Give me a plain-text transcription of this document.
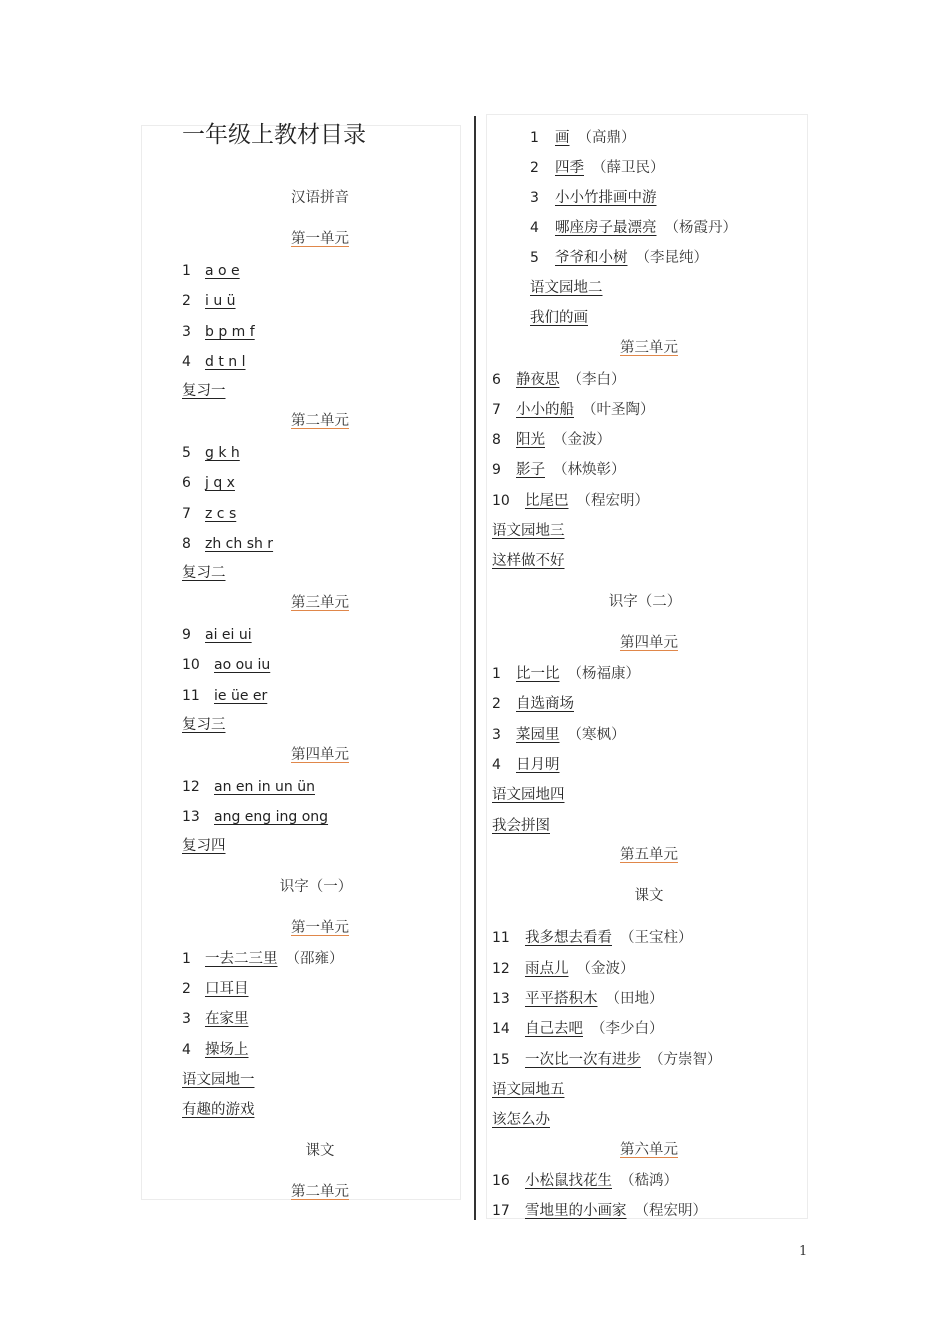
一年级上教材目录
汉语拼音
第一单元
1 a o e
2 i u ü
3 b p m f
4 d t n l
复习一
第二单元
5 g k h
6 j q x
7 z c s
8 zh ch sh r
复习二
第三单元
9 ai ei ui
10 ao ou iu
11 ie üe er
复习三
第四单元
12 an en in un ün
13 ang eng ing ong
复习四
识字（一）
第一单元
1 一去二三里 （邵雍）
2 口耳目
3 在家里
4 操场上
语文园地一
有趣的游戏
课文
第二单元
1 画 （高鼎）
2 四季 （薛卫民）
3 小小竹排画中游
4 哪座房子最漂亮 （杨霞丹）
5 爷爷和小树 （李昆纯）
语文园地二
我们的画
第三单元
6 静夜思 （李白）
7 小小的船 （叶圣陶）
8 阳光 （金波）
9 影子 （林焕彰）
10 比尾巴 （程宏明）
语文园地三
这样做不好
识字（二）
第四单元
1 比一比 （杨福康）
2 自选商场
3 菜园里 （寒枫）
4 日月明
语文园地四
我会拼图
第五单元
课文
11 我多想去看看 （王宝柱）
12 雨点儿 （金波）
13 平平搭积木 （田地）
14 自己去吧 （李少白）
15 一次比一次有进步 （方崇智）
语文园地五
该怎么办
第六单元
16 小松鼠找花生 （嵇鸿）
17 雪地里的小画家 （程宏明）
1
